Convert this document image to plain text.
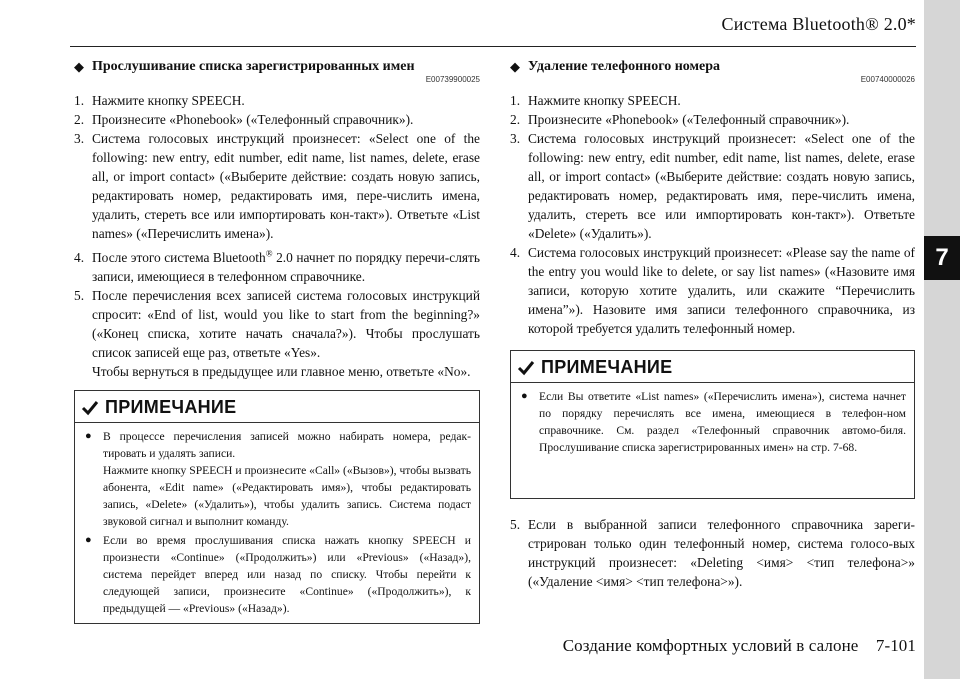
7
Система Bluetooth® 2.0*
◆ Прослушивание списка зарегистрированных имен
E00739900025
1. Нажмите кнопку SPEECH.
2. Произнесите «Phonebook» («Телефонный справочник»).
3. Система голосовых инструкций произнесет: «Select one of the following: new entry, edit number, edit name, list names, delete, erase all, or import contact» («Выберите действие: создать новую запись, редактировать номер, редактировать имя, пере-числить имена, удалить, стереть все или импортировать кон-такт»). Ответьте «List names» («Перечислить имена»).
4. После этого система Bluetooth® 2.0 начнет по порядку перечи-слять записи, имеющиеся в телефонном справочнике.
5. После перечисления всех записей система голосовых инструкций спросит: «End of list, would you like to start from the beginning?» («Конец списка, хотите начать сначала?»). Чтобы прослушать список записей еще раз, ответьте «Yes».
Чтобы вернуться в предыдущее или главное меню, ответьте «No».
ПРИМЕЧАНИЕ
● В процессе перечисления записей можно набирать номера, редак-тировать и удалять записи.
Нажмите кнопку SPEECH и произнесите «Call» («Вызов»), чтобы вызвать абонента, «Edit name» («Редактировать имя»), чтобы редактировать запись, «Delete» («Удалить»), чтобы удалить запись. Система подаст звуковой сигнал и выполнит команду.
● Если во время прослушивания списка нажать кнопку SPEECH и произнести «Continue» («Продолжить») или «Previous» («Назад»), система перейдет вперед или назад по списку. Чтобы перейти к следующей записи, произнесите «Continue» («Продолжить»), к предыдущей — «Previous» («Назад»).
◆ Удаление телефонного номера
E00740000026
1. Нажмите кнопку SPEECH.
2. Произнесите «Phonebook» («Телефонный справочник»).
3. Система голосовых инструкций произнесет: «Select one of the following: new entry, edit number, edit name, list names, delete, erase all, or import contact» («Выберите действие: создать новую запись, редактировать номер, редактировать имя, пере-числить имена, удалить, стереть все или импортировать кон-такт»). Ответьте «Delete» («Удалить»).
4. Система голосовых инструкций произнесет: «Please say the name of the entry you would like to delete, or say list names» («Назовите имя записи, которую хотите удалить, или скажите “Перечислить имена”»). Назовите имя записи телефонного справочника, из которой требуется удалить телефонный номер.
ПРИМЕЧАНИЕ
● Если Вы ответите «List names» («Перечислить имена»), система начнет по порядку перечислять все имена, имеющиеся в телефон-ном справочнике. См. раздел «Телефонный справочник автомо-биля. Прослушивание списка зарегистрированных имен» на стр. 7-68.
5. Если в выбранной записи телефонного справочника зареги-стрирован только один телефонный номер, система голосо-вых инструкций произнесет: «Deleting <имя> <тип телефона>» («Удаление <имя> <тип телефона>»).
Создание комфортных условий в салоне    7-101
